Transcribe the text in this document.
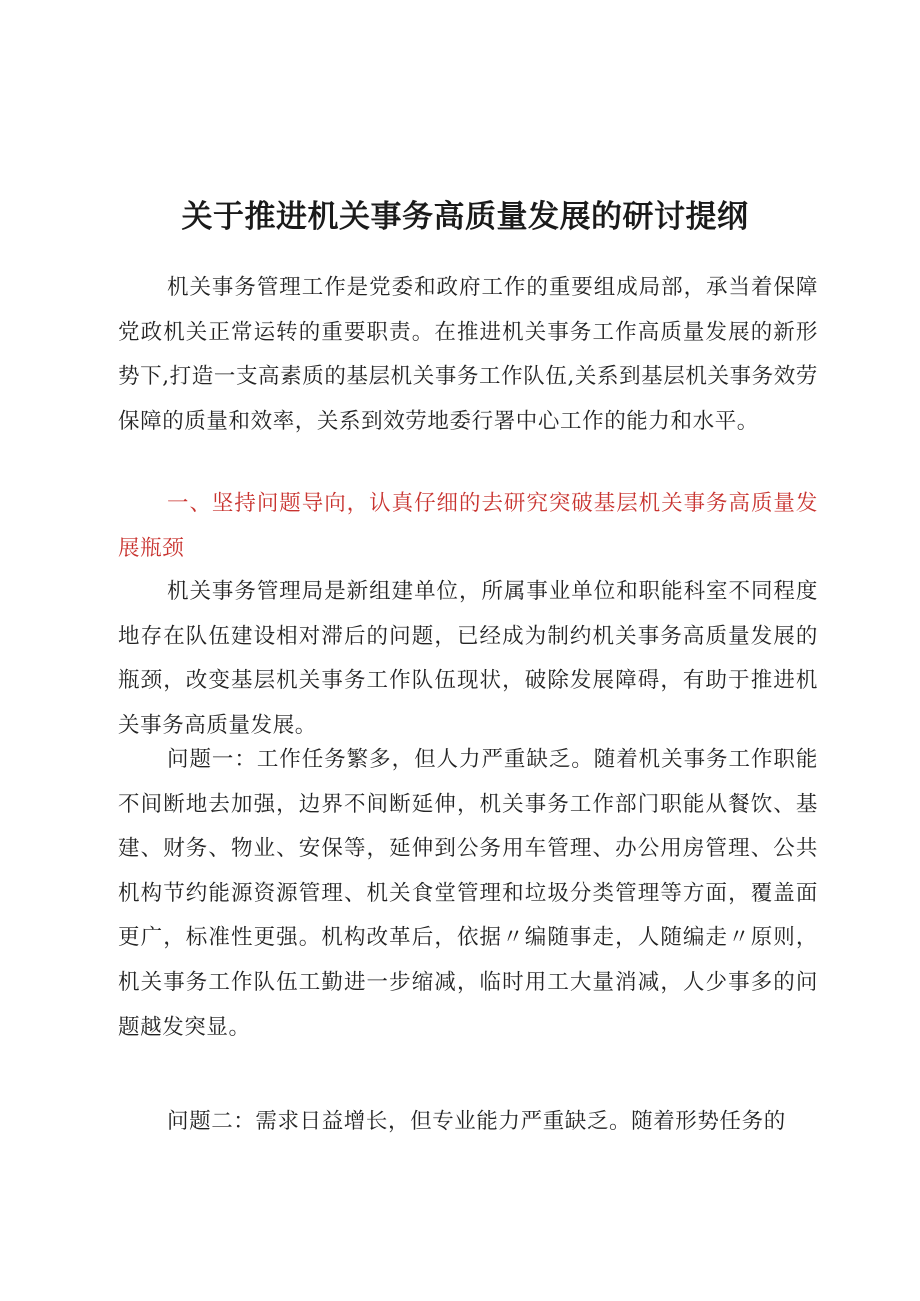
关于推进机关事务高质量发展的研讨提纲

机关事务管理工作是党委和政府工作的重要组成局部，承当着保障党政机关正常运转的重要职责。在推进机关事务工作高质量发展的新形势下,打造一支高素质的基层机关事务工作队伍,关系到基层机关事务效劳保障的质量和效率，关系到效劳地委行署中心工作的能力和水平。

一、坚持问题导向，认真仔细的去研究突破基层机关事务高质量发展瓶颈

机关事务管理局是新组建单位，所属事业单位和职能科室不同程度地存在队伍建设相对滞后的问题，已经成为制约机关事务高质量发展的瓶颈，改变基层机关事务工作队伍现状，破除发展障碍，有助于推进机关事务高质量发展。

问题一：工作任务繁多，但人力严重缺乏。随着机关事务工作职能不间断地去加强，边界不间断延伸，机关事务工作部门职能从餐饮、基建、财务、物业、安保等，延伸到公务用车管理、办公用房管理、公共机构节约能源资源管理、机关食堂管理和垃圾分类管理等方面，覆盖面更广，标准性更强。机构改革后，依据〃编随事走，人随编走〃原则，机关事务工作队伍工勤进一步缩减，临时用工大量消减，人少事多的问题越发突显。

问题二：需求日益增长，但专业能力严重缺乏。随着形势任务的
